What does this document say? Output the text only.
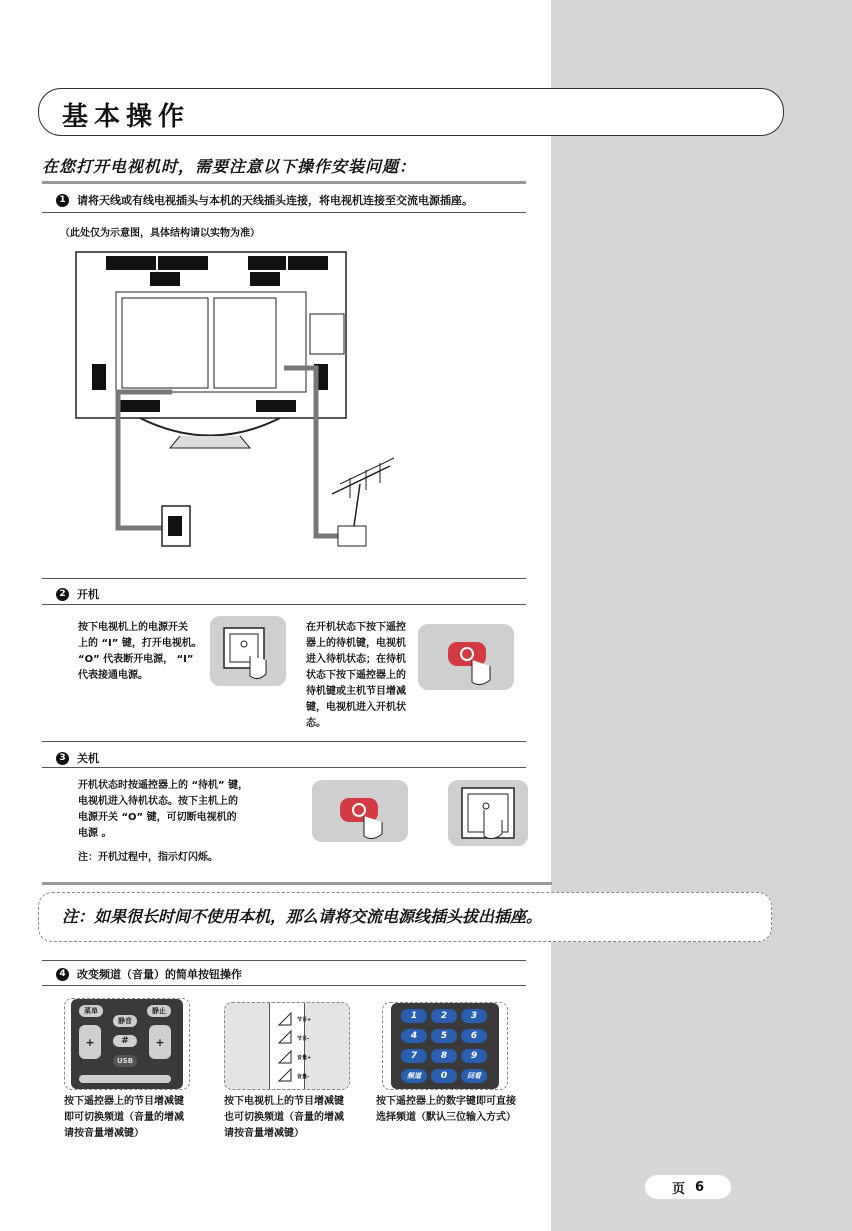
基本操作
在您打开电视机时，需要注意以下操作安装问题：
1	请将天线或有线电视插头与本机的天线插头连接，将电视机连接至交流电源插座。
（此处仅为示意图，具体结构请以实物为准）
2	开机
按下电视机上的电源开关
上的 “I” 键，打开电视机。
“O” 代表断开电源， “I”
代表接通电源。
在开机状态下按下遥控
器上的待机键，电视机
进入待机状态；在待机
状态下按下遥控器上的
待机键或主机节目增减
键，电视机进入开机状
态。
3	关机
开机状态时按遥控器上的 “待机” 键，
电视机进入待机状态。按下主机上的
电源开关 “O” 键，可切断电视机的
电源 。
注：开机过程中，指示灯闪烁。
注：如果很长时间不使用本机，那么请将交流电源线插头拔出插座。
4	改变频道（音量）的简单按钮操作
菜单	静止
静音
+	+
#
USB
节目+
节目-
音量+
音量-
1	2	3
4	5	6
7	8	9
频道	0	回看
按下遥控器上的节目增减键
即可切换频道（音量的增减
请按音量增减键）
按下电视机上的节目增减键
也可切换频道（音量的增减
请按音量增减键）
按下遥控器上的数字键即可直接
选择频道（默认三位输入方式）
页 6
